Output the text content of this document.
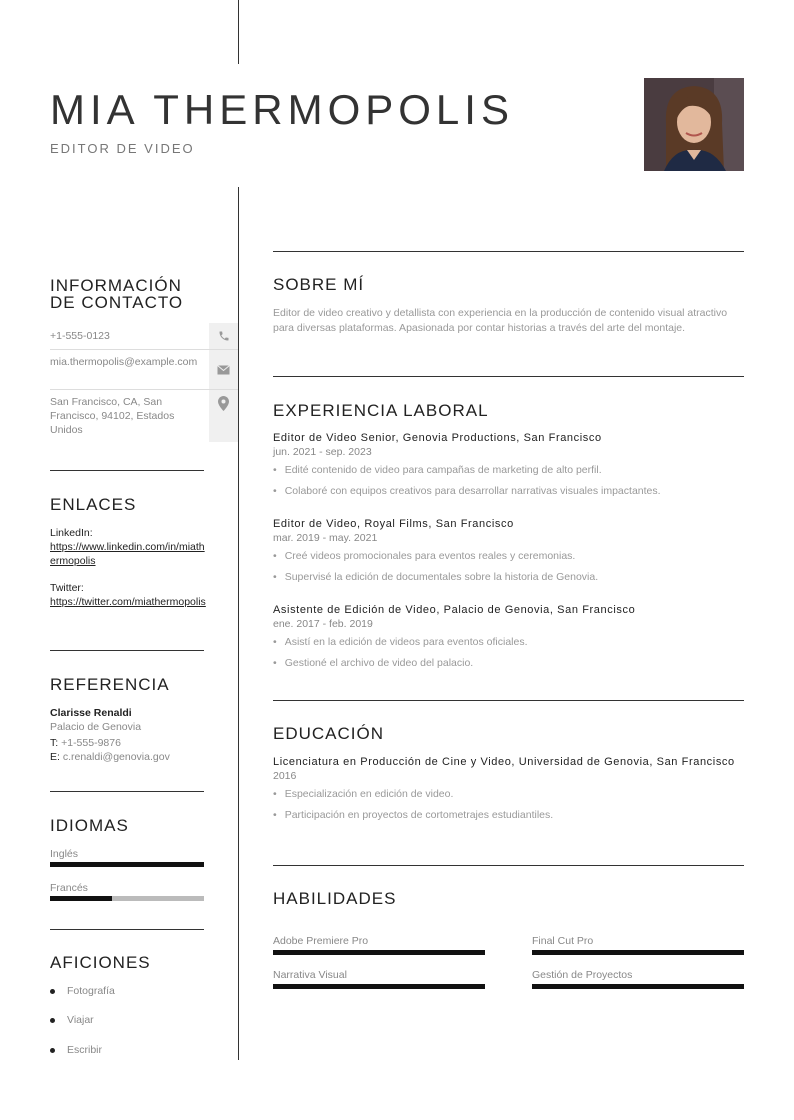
MIA THERMOPOLIS
EDITOR DE VIDEO
INFORMACIÓN
DE CONTACTO
+1-555-0123
mia.thermopolis@example.com
San Francisco, CA, San Francisco, 94102, Estados Unidos
ENLACES
LinkedIn:
https://www.linkedin.com/in/miathermopolis
Twitter:
https://twitter.com/miathermopolis
REFERENCIA
Clarisse Renaldi
Palacio de Genovia
T: +1-555-9876
E: c.renaldi@genovia.gov
IDIOMAS
Inglés
Francés
AFICIONES
Fotografía
Viajar
Escribir
SOBRE MÍ
Editor de video creativo y detallista con experiencia en la producción de contenido visual atractivo para diversas plataformas. Apasionada por contar historias a través del arte del montaje.
EXPERIENCIA LABORAL
Editor de Video Senior, Genovia Productions, San Francisco
jun. 2021 - sep. 2023
• Edité contenido de video para campañas de marketing de alto perfil.
• Colaboré con equipos creativos para desarrollar narrativas visuales impactantes.
Editor de Video, Royal Films, San Francisco
mar. 2019 - may. 2021
• Creé videos promocionales para eventos reales y ceremonias.
• Supervisé la edición de documentales sobre la historia de Genovia.
Asistente de Edición de Video, Palacio de Genovia, San Francisco
ene. 2017 - feb. 2019
• Asistí en la edición de videos para eventos oficiales.
• Gestioné el archivo de video del palacio.
EDUCACIÓN
Licenciatura en Producción de Cine y Video, Universidad de Genovia, San Francisco
2016
• Especialización en edición de video.
• Participación en proyectos de cortometrajes estudiantiles.
HABILIDADES
Adobe Premiere Pro	Final Cut Pro
Narrativa Visual	Gestión de Proyectos
